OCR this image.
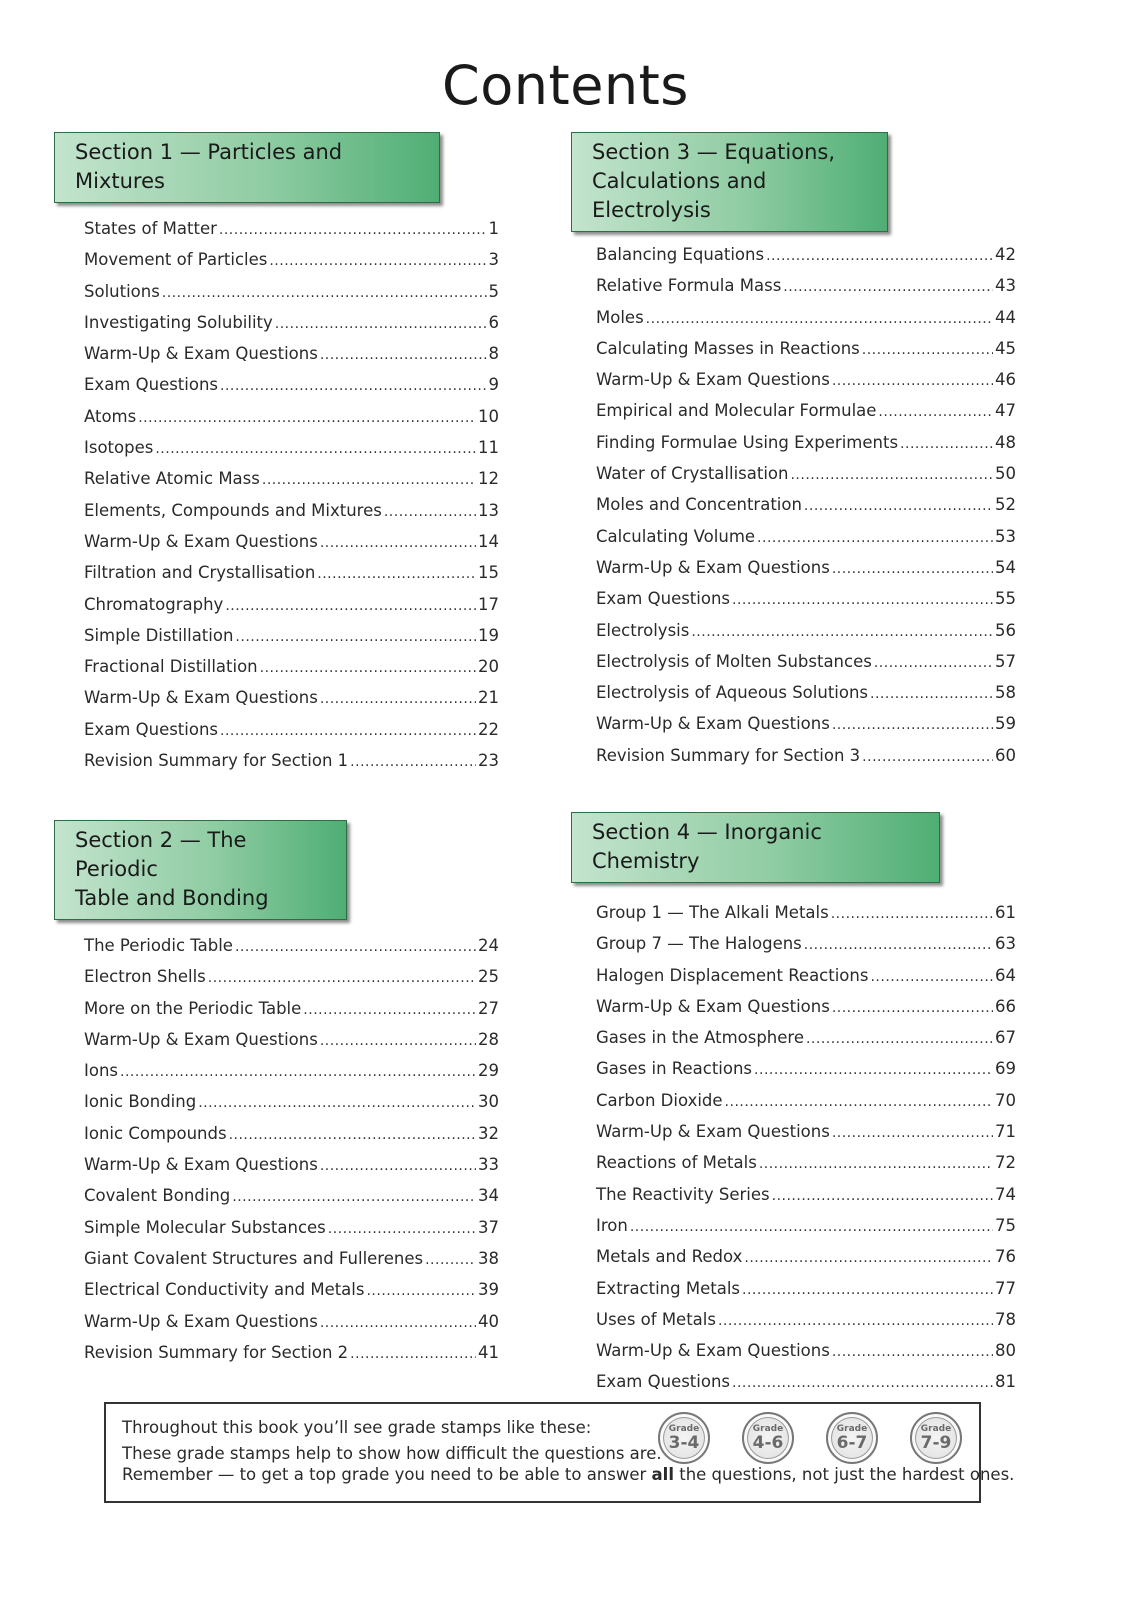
Contents
Section 1 — Particles and Mixtures
States of Matter .....	1
Movement of Particles .....	3
Solutions .....	5
Investigating Solubility .....	6
Warm-Up & Exam Questions .....	8
Exam Questions .....	9
Atoms .....	10
Isotopes .....	11
Relative Atomic Mass .....	12
Elements, Compounds and Mixtures .....	13
Warm-Up & Exam Questions .....	14
Filtration and Crystallisation .....	15
Chromatography .....	17
Simple Distillation .....	19
Fractional Distillation .....	20
Warm-Up & Exam Questions .....	21
Exam Questions .....	22
Revision Summary for Section 1 .....	23
Section 3 — Equations,
Calculations and Electrolysis
Balancing Equations .....	42
Relative Formula Mass .....	43
Moles .....	44
Calculating Masses in Reactions .....	45
Warm-Up & Exam Questions .....	46
Empirical and Molecular Formulae .....	47
Finding Formulae Using Experiments .....	48
Water of Crystallisation .....	50
Moles and Concentration .....	52
Calculating Volume .....	53
Warm-Up & Exam Questions .....	54
Exam Questions .....	55
Electrolysis .....	56
Electrolysis of Molten Substances .....	57
Electrolysis of Aqueous Solutions .....	58
Warm-Up & Exam Questions .....	59
Revision Summary for Section 3 .....	60
Section 2 — The Periodic
Table and Bonding
The Periodic Table .....	24
Electron Shells .....	25
More on the Periodic Table .....	27
Warm-Up & Exam Questions .....	28
Ions .....	29
Ionic Bonding .....	30
Ionic Compounds .....	32
Warm-Up & Exam Questions .....	33
Covalent Bonding .....	34
Simple Molecular Substances .....	37
Giant Covalent Structures and Fullerenes .....	38
Electrical Conductivity and Metals .....	39
Warm-Up & Exam Questions .....	40
Revision Summary for Section 2 .....	41
Section 4 — Inorganic Chemistry
Group 1 — The Alkali Metals .....	61
Group 7 — The Halogens .....	63
Halogen Displacement Reactions .....	64
Warm-Up & Exam Questions .....	66
Gases in the Atmosphere .....	67
Gases in Reactions .....	69
Carbon Dioxide .....	70
Warm-Up & Exam Questions .....	71
Reactions of Metals .....	72
The Reactivity Series .....	74
Iron .....	75
Metals and Redox .....	76
Extracting Metals .....	77
Uses of Metals .....	78
Warm-Up & Exam Questions .....	80
Exam Questions .....	81
Throughout this book you’ll see grade stamps like these:
These grade stamps help to show how difficult the questions are.
Remember — to get a top grade you need to be able to answer all the questions, not just the hardest ones.
Grade
3-4
Grade
4-6
Grade
6-7
Grade
7-9
